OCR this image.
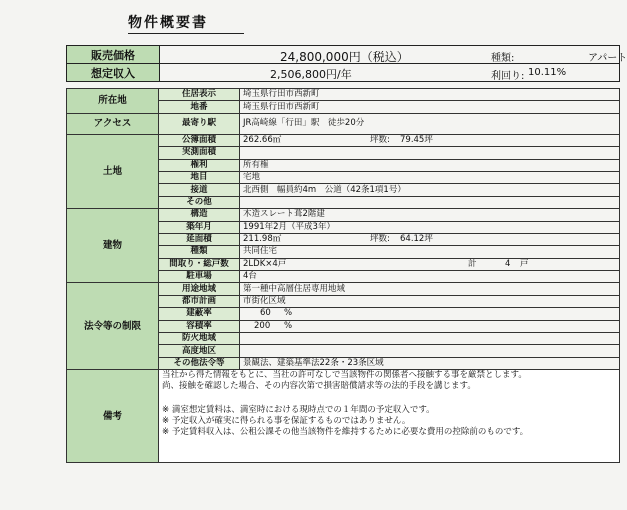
物件概要書
販売価格	24,800,000円（税込） 種類: アパート

想定収入	2,506,800円/年 利回り: 10.11%
所在地	住居表示	埼玉県行田市西新町
	地番	埼玉県行田市西新町
アクセス	最寄り駅	JR高崎線「行田」駅　徒歩20分
土地	公簿面積	262.66㎡ 坪数: 79.45坪

	実測面積	
	権利	所有権
	地目	宅地
	接道	北西側　幅員約4m　公道（42条1項1号）
	その他	
建物	構造	木造スレート葺2階建
	築年月	1991年2月（平成3年）
	延面積	211.98㎡ 坪数: 64.12坪

	種類	共同住宅
	間取り・総戸数	2LDK×4戸 計 4 戸

	駐車場	4台
法令等の制限	用途地域	第一種中高層住居専用地域
	都市計画	市街化区域
	建蔽率	60 %

	容積率	200 %

	防火地域	
	高度地区	
	その他法令等	景観法、建築基準法22条・23条区域
備考	当社から得た情報をもとに、当社の許可なしで当該物件の関係者へ接触する事を厳禁とします。

尚、接触を確認した場合、その内容次第で損害賠償請求等の法的手段を講じます。

※ 満室想定賃料は、満室時における現時点での１年間の予定収入です。

※ 予定収入が確実に得られる事を保証するものではありません。

※ 予定賃料収入は、公租公課その他当該物件を維持するために必要な費用の控除前のものです。	
